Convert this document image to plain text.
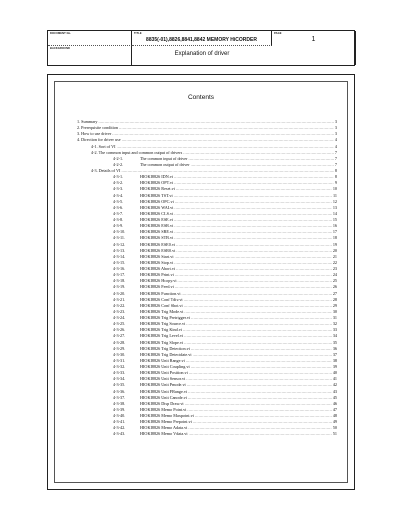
DOCUMENT No.	TITLE
8835(-01),8826,8841,8842 MEMORY HiCORDER
PAGE
1
BACKGROUND
Explanation of driver
Contents
1. Summary .....	3
2. Prerequisite condition .....	3
3. How to use driver .....	3
4. Direction for driver use .....	4
4-1. Sort of VI .....	4
4-2. The common input and common output of drivers .....	7
4-2-1.	The common input of driver .....	7
4-2-2.	The common output of driver .....	7
4-3. Details of VI .....	8
4-3-1.	HIOKI8826 IDN.vi .....	8
4-3-2.	HIOKI8826 OPT.vi .....	9
4-3-3.	HIOKI8826 Reset.vi .....	10
4-3-4.	HIOKI8826 TST.vi .....	11
4-3-5.	HIOKI8826 OPC.vi .....	12
4-3-6.	HIOKI8826 WAI.vi .....	13
4-3-7.	HIOKI8826 CLS.vi .....	14
4-3-8.	HIOKI8826 ESE.vi .....	15
4-3-9.	HIOKI8826 ESR.vi .....	16
4-3-10.	HIOKI8826 SRE.vi .....	17
4-3-11.	HIOKI8826 STB.vi .....	18
4-3-12.	HIOKI8826 ESE0.vi .....	19
4-3-13.	HIOKI8826 ESR0.vi .....	20
4-3-14.	HIOKI8826 Start.vi .....	21
4-3-15.	HIOKI8826 Stop.vi .....	22
4-3-16.	HIOKI8826 Abort.vi .....	23
4-3-17.	HIOKI8826 Print.vi .....	24
4-3-18.	HIOKI8826 Hcopy.vi .....	25
4-3-19.	HIOKI8826 Feed.vi .....	26
4-3-20.	HIOKI8826 Function.vi .....	27
4-3-21.	HIOKI8826 Conf Tdiv.vi .....	28
4-3-22.	HIOKI8826 Conf Shot.vi .....	29
4-3-23.	HIOKI8826 Trig Mode.vi .....	30
4-3-24.	HIOKI8826 Trig Pretrigger.vi .....	31
4-3-25.	HIOKI8826 Trig Source.vi .....	32
4-3-26.	HIOKI8826 Trig Kind.vi .....	33
4-3-27.	HIOKI8826 Trig Level.vi .....	34
4-3-28.	HIOKI8826 Trig Slope.vi .....	35
4-3-29.	HIOKI8826 Trig Detection.vi .....	36
4-3-30.	HIOKI8826 Trig Detectdate.vi .....	37
4-3-31.	HIOKI8826 Unit Range.vi .....	38
4-3-32.	HIOKI8826 Unit Coupling.vi .....	39
4-3-33.	HIOKI8826 Unit Position.vi .....	40
4-3-34.	HIOKI8826 Unit Sensor.vi .....	41
4-3-35.	HIOKI8826 Unit Pmode.vi .....	42
4-3-36.	HIOKI8826 Unit FRange.vi .....	43
4-3-37.	HIOKI8826 Unit Canode.vi .....	45
4-3-38.	HIOKI8826 Disp Draw.vi .....	46
4-3-39.	HIOKI8826 Memo Point.vi .....	47
4-3-40.	HIOKI8826 Memo Maxpoint.vi .....	48
4-3-41.	HIOKI8826 Memo Prepoint.vi .....	49
4-3-42.	HIOKI8826 Memo Adata.vi .....	50
4-3-43.	HIOKI8826 Memo Vdata.vi .....	51
